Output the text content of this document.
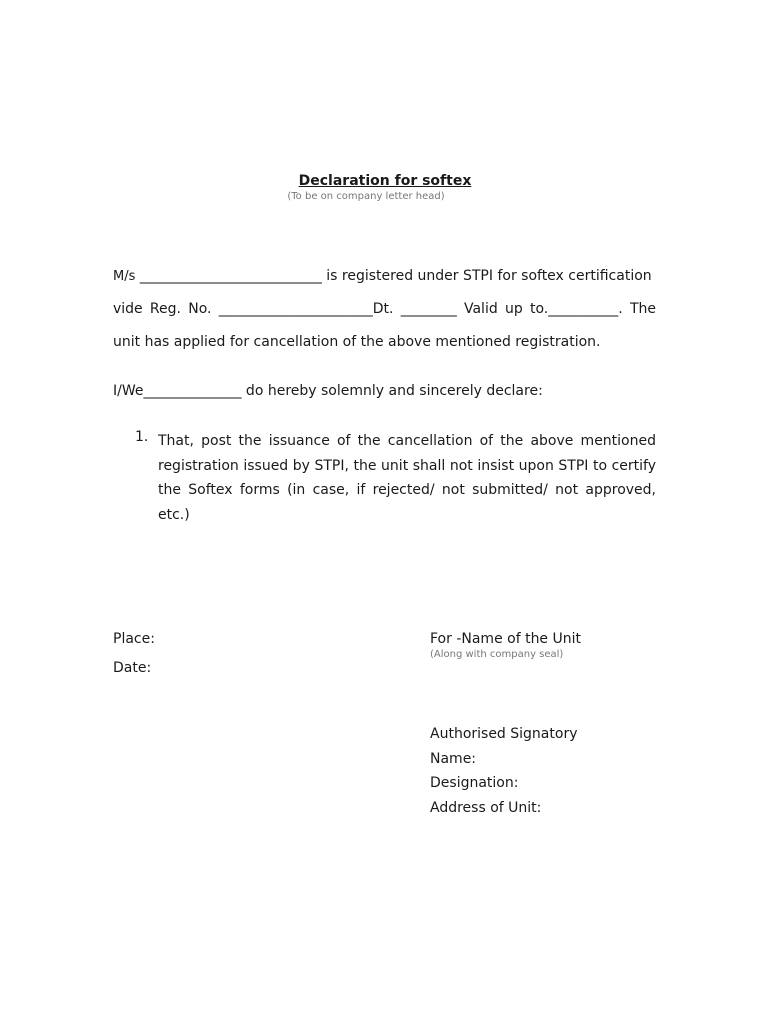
Declaration for softex
(To be on company letter head)
M/s __________________________ is registered under STPI for softex certification
vide Reg. No. ______________________Dt. ________ Valid up to.__________. The
unit has applied for cancellation of the above mentioned registration.
I/We______________ do hereby solemnly and sincerely declare:
1. That, post the issuance of the cancellation of the above mentioned registration issued by STPI, the unit shall not insist upon STPI to certify the Softex forms (in case, if rejected/ not submitted/ not approved, etc.)
Place:
Date:
For -Name of the Unit
(Along with company seal)
Authorised Signatory
Name:
Designation:
Address of Unit:
